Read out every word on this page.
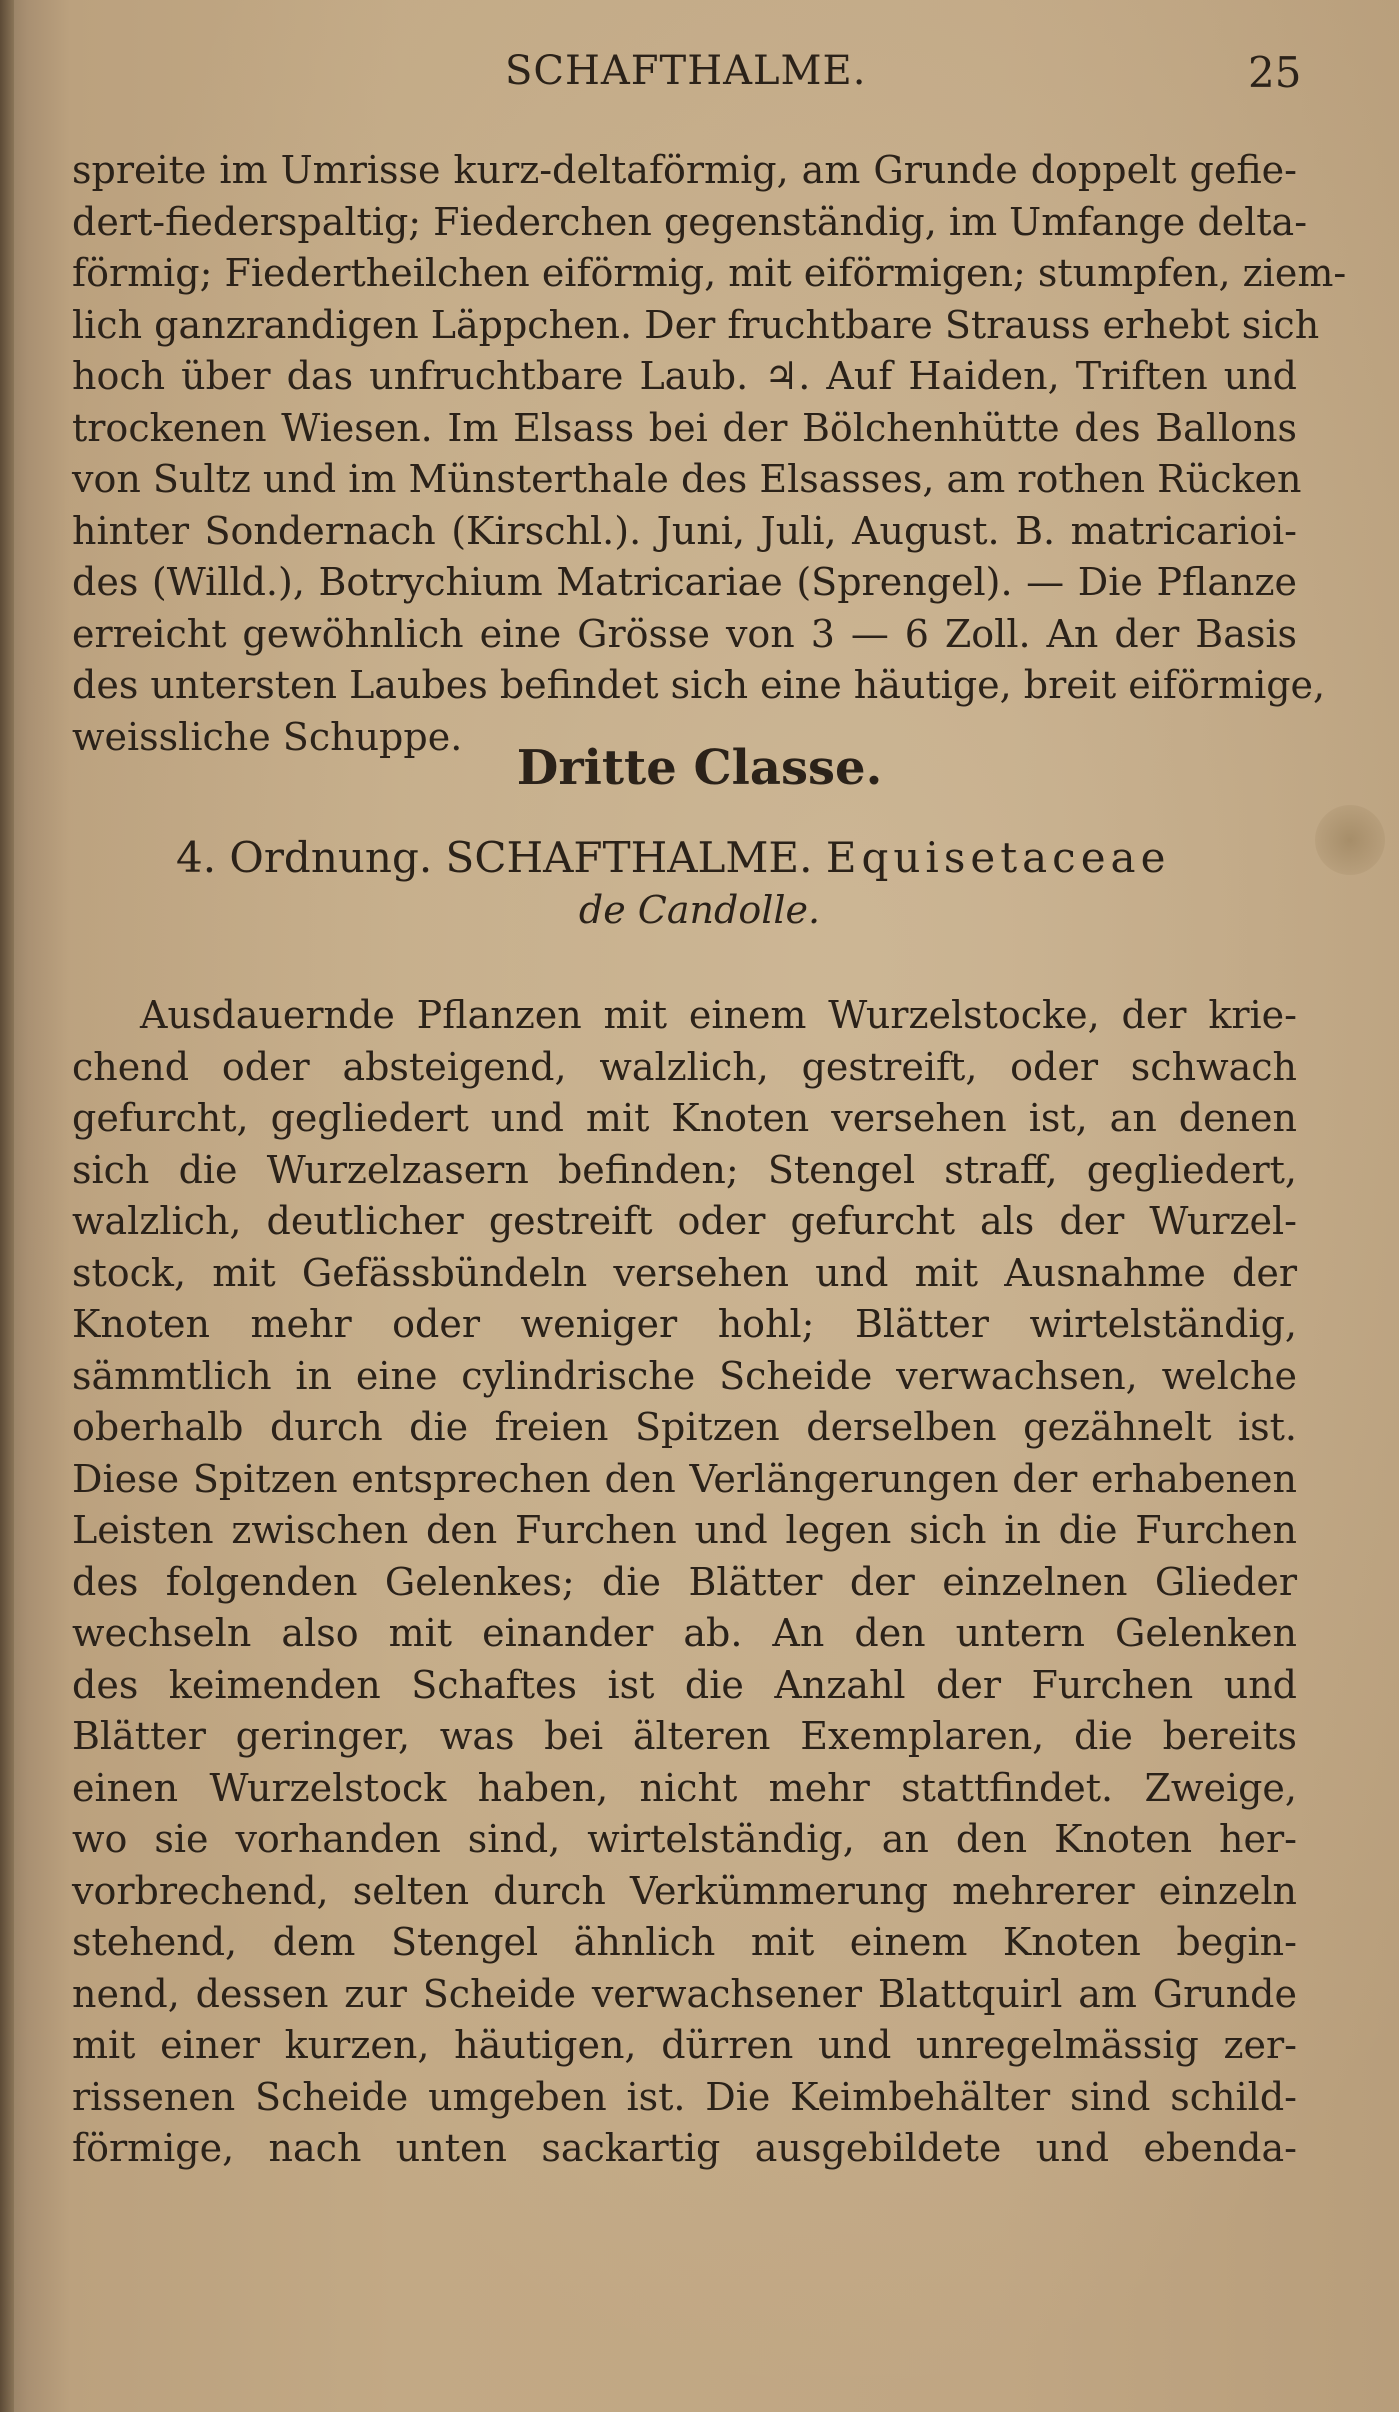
SCHAFTHALME.	25
spreite im Umrisse kurz-deltaförmig, am Grunde doppelt gefie-
dert-fiederspaltig; Fiederchen gegenständig, im Umfange delta-
förmig; Fiedertheilchen eiförmig, mit eiförmigen; stumpfen, ziem-
lich ganzrandigen Läppchen. Der fruchtbare Strauss erhebt sich
hoch über das unfruchtbare Laub. ♃. Auf Haiden, Triften und
trockenen Wiesen. Im Elsass bei der Bölchenhütte des Ballons
von Sultz und im Münsterthale des Elsasses, am rothen Rücken
hinter Sondernach (Kirschl.). Juni, Juli, August. B. matricarioi-
des (Willd.), Botrychium Matricariae (Sprengel). — Die Pflanze
erreicht gewöhnlich eine Grösse von 3 — 6 Zoll. An der Basis
des untersten Laubes befindet sich eine häutige, breit eiförmige,
weissliche Schuppe.
Dritte Classe.
4. Ordnung. SCHAFTHALME. Equisetaceae
de Candolle.
Ausdauernde Pflanzen mit einem Wurzelstocke, der krie-
chend oder absteigend, walzlich, gestreift, oder schwach
gefurcht, gegliedert und mit Knoten versehen ist, an denen
sich die Wurzelzasern befinden; Stengel straff, gegliedert,
walzlich, deutlicher gestreift oder gefurcht als der Wurzel-
stock, mit Gefässbündeln versehen und mit Ausnahme der
Knoten mehr oder weniger hohl; Blätter wirtelständig,
sämmtlich in eine cylindrische Scheide verwachsen, welche
oberhalb durch die freien Spitzen derselben gezähnelt ist.
Diese Spitzen entsprechen den Verlängerungen der erhabenen
Leisten zwischen den Furchen und legen sich in die Furchen
des folgenden Gelenkes; die Blätter der einzelnen Glieder
wechseln also mit einander ab. An den untern Gelenken
des keimenden Schaftes ist die Anzahl der Furchen und
Blätter geringer, was bei älteren Exemplaren, die bereits
einen Wurzelstock haben, nicht mehr stattfindet. Zweige,
wo sie vorhanden sind, wirtelständig, an den Knoten her-
vorbrechend, selten durch Verkümmerung mehrerer einzeln
stehend, dem Stengel ähnlich mit einem Knoten begin-
nend, dessen zur Scheide verwachsener Blattquirl am Grunde
mit einer kurzen, häutigen, dürren und unregelmässig zer-
rissenen Scheide umgeben ist. Die Keimbehälter sind schild-
förmige, nach unten sackartig ausgebildete und ebenda-
